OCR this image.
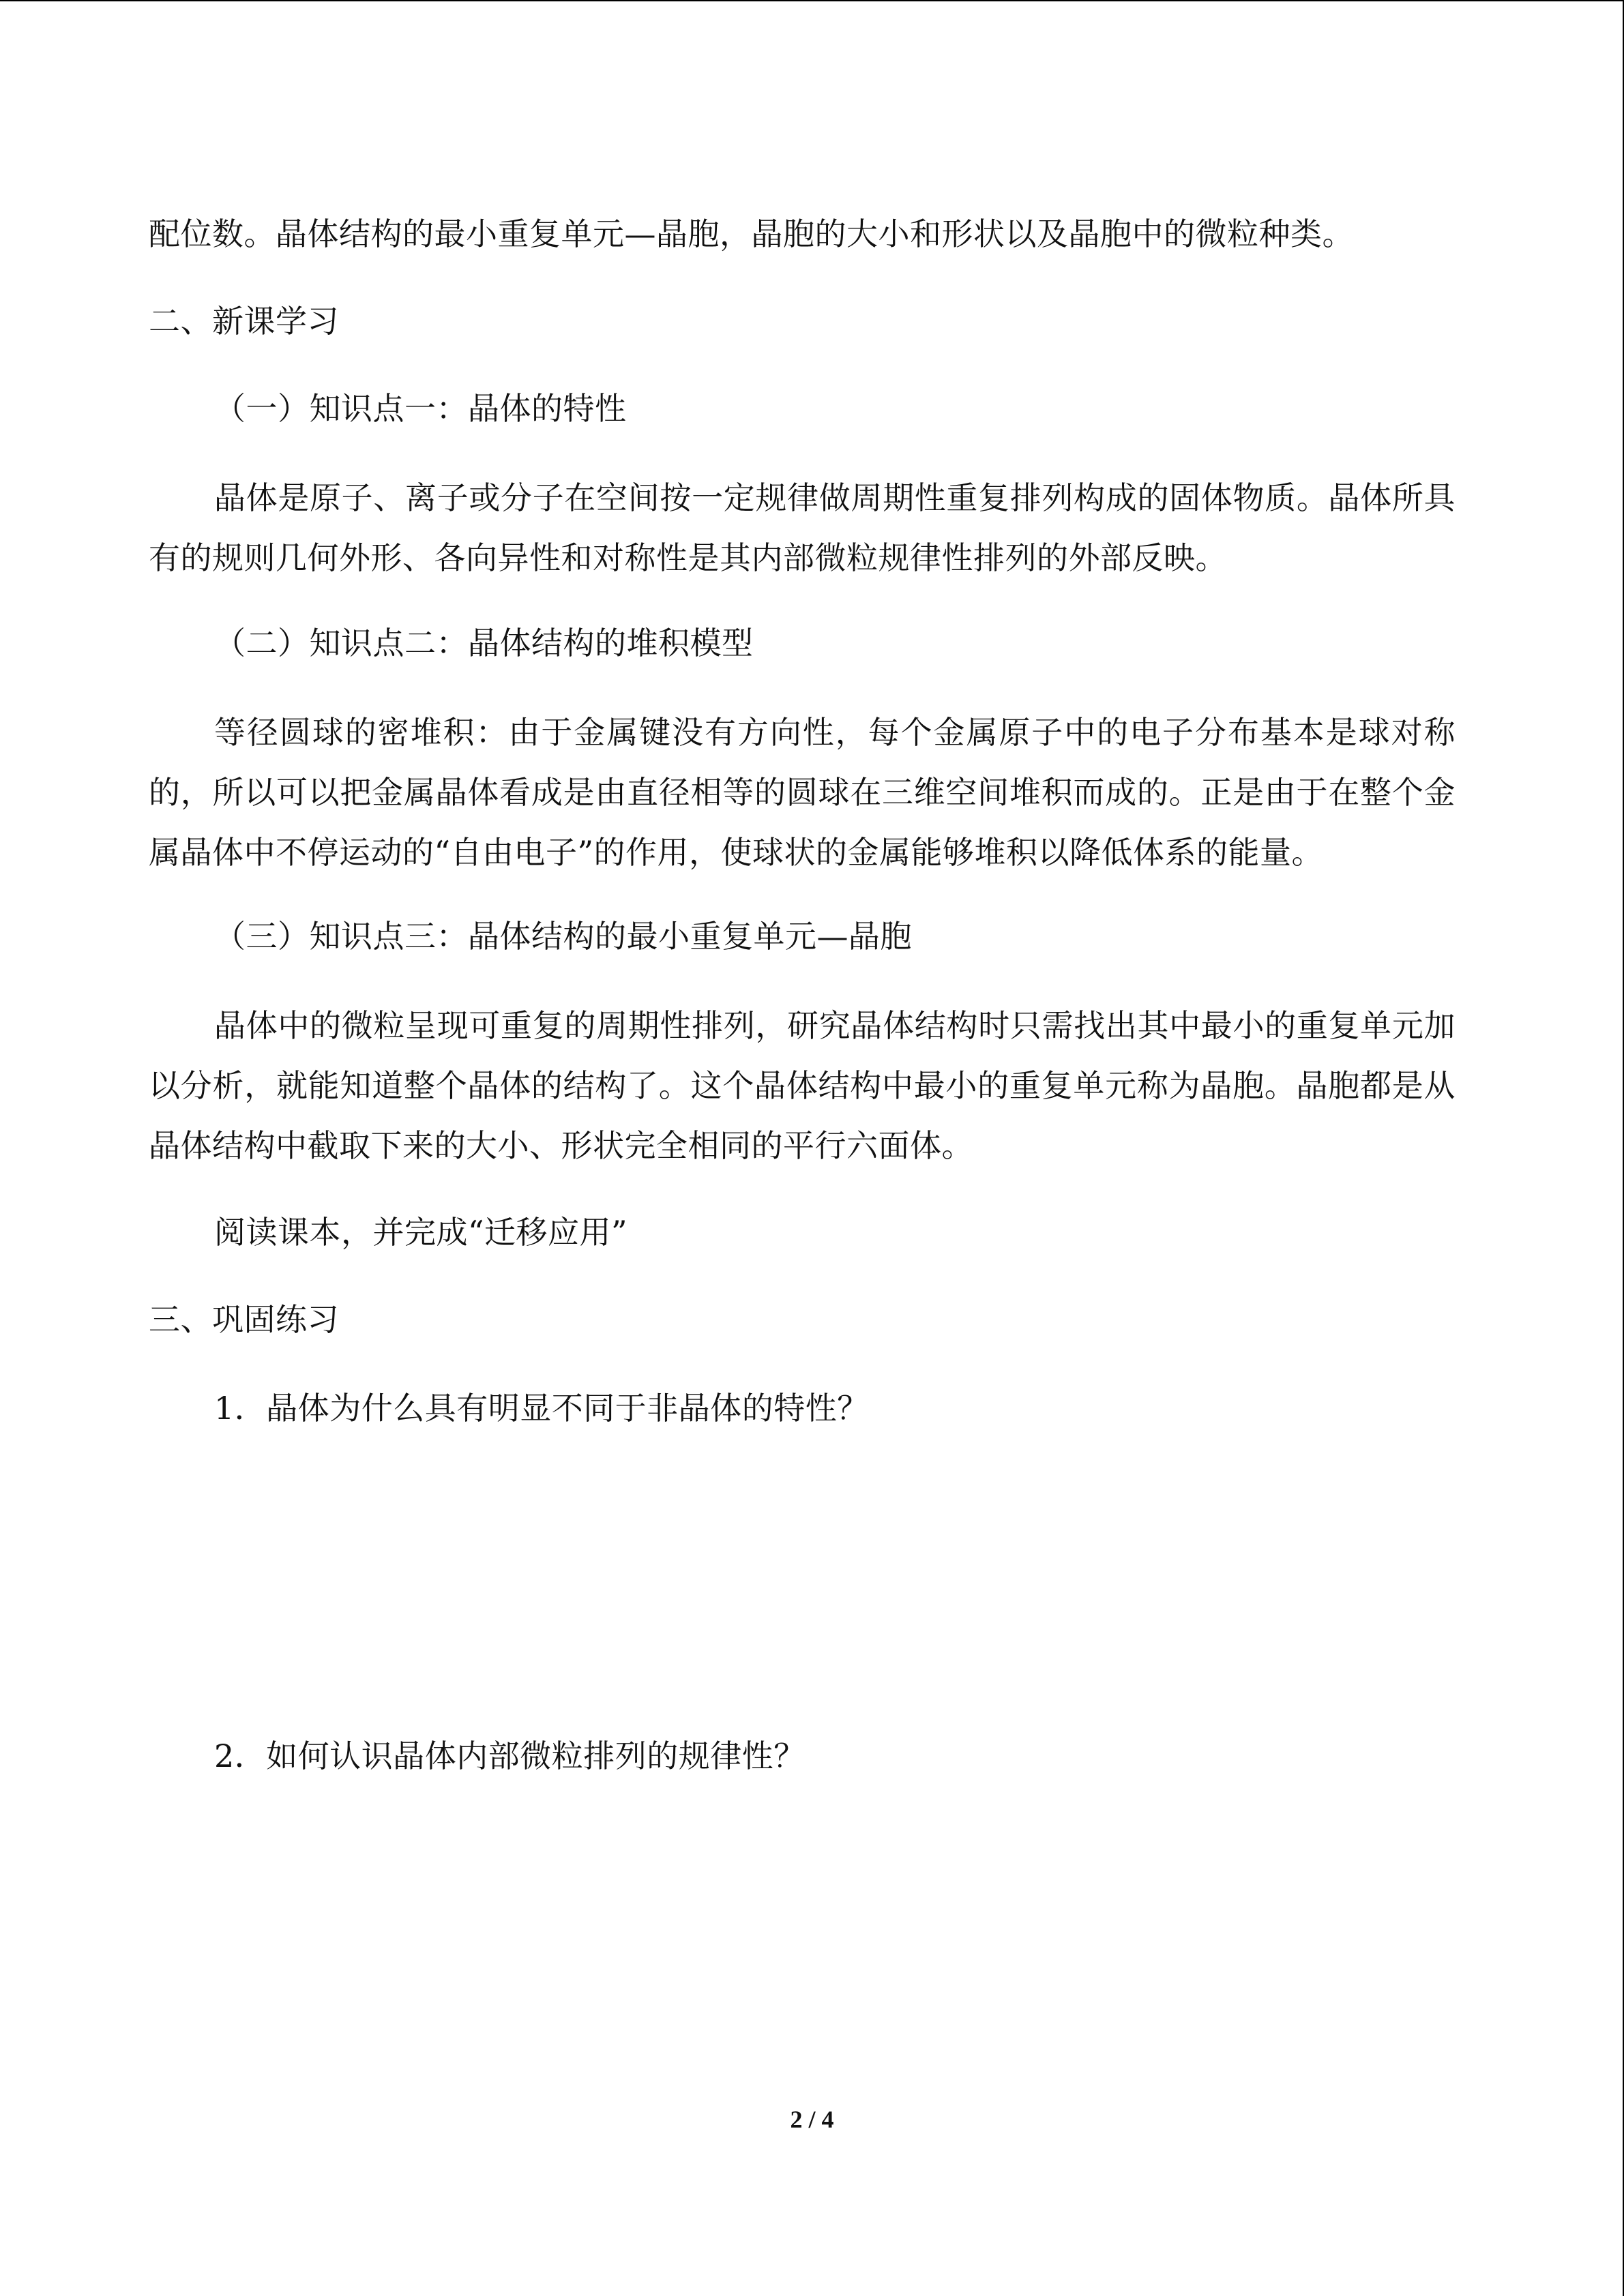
配位数。晶体结构的最小重复单元—晶胞，晶胞的大小和形状以及晶胞中的微粒种类。
二、新课学习
（一）知识点一：晶体的特性
晶体是原子、离子或分子在空间按一定规律做周期性重复排列构成的固体物质。晶体所具有的规则几何外形、各向异性和对称性是其内部微粒规律性排列的外部反映。
（二）知识点二：晶体结构的堆积模型
等径圆球的密堆积：由于金属键没有方向性，每个金属原子中的电子分布基本是球对称的，所以可以把金属晶体看成是由直径相等的圆球在三维空间堆积而成的。正是由于在整个金属晶体中不停运动的“自由电子”的作用，使球状的金属能够堆积以降低体系的能量。
（三）知识点三：晶体结构的最小重复单元—晶胞
晶体中的微粒呈现可重复的周期性排列，研究晶体结构时只需找出其中最小的重复单元加以分析，就能知道整个晶体的结构了。这个晶体结构中最小的重复单元称为晶胞。晶胞都是从晶体结构中截取下来的大小、形状完全相同的平行六面体。
阅读课本，并完成“迁移应用”
三、巩固练习
1．晶体为什么具有明显不同于非晶体的特性？
2．如何认识晶体内部微粒排列的规律性？
2 / 4
